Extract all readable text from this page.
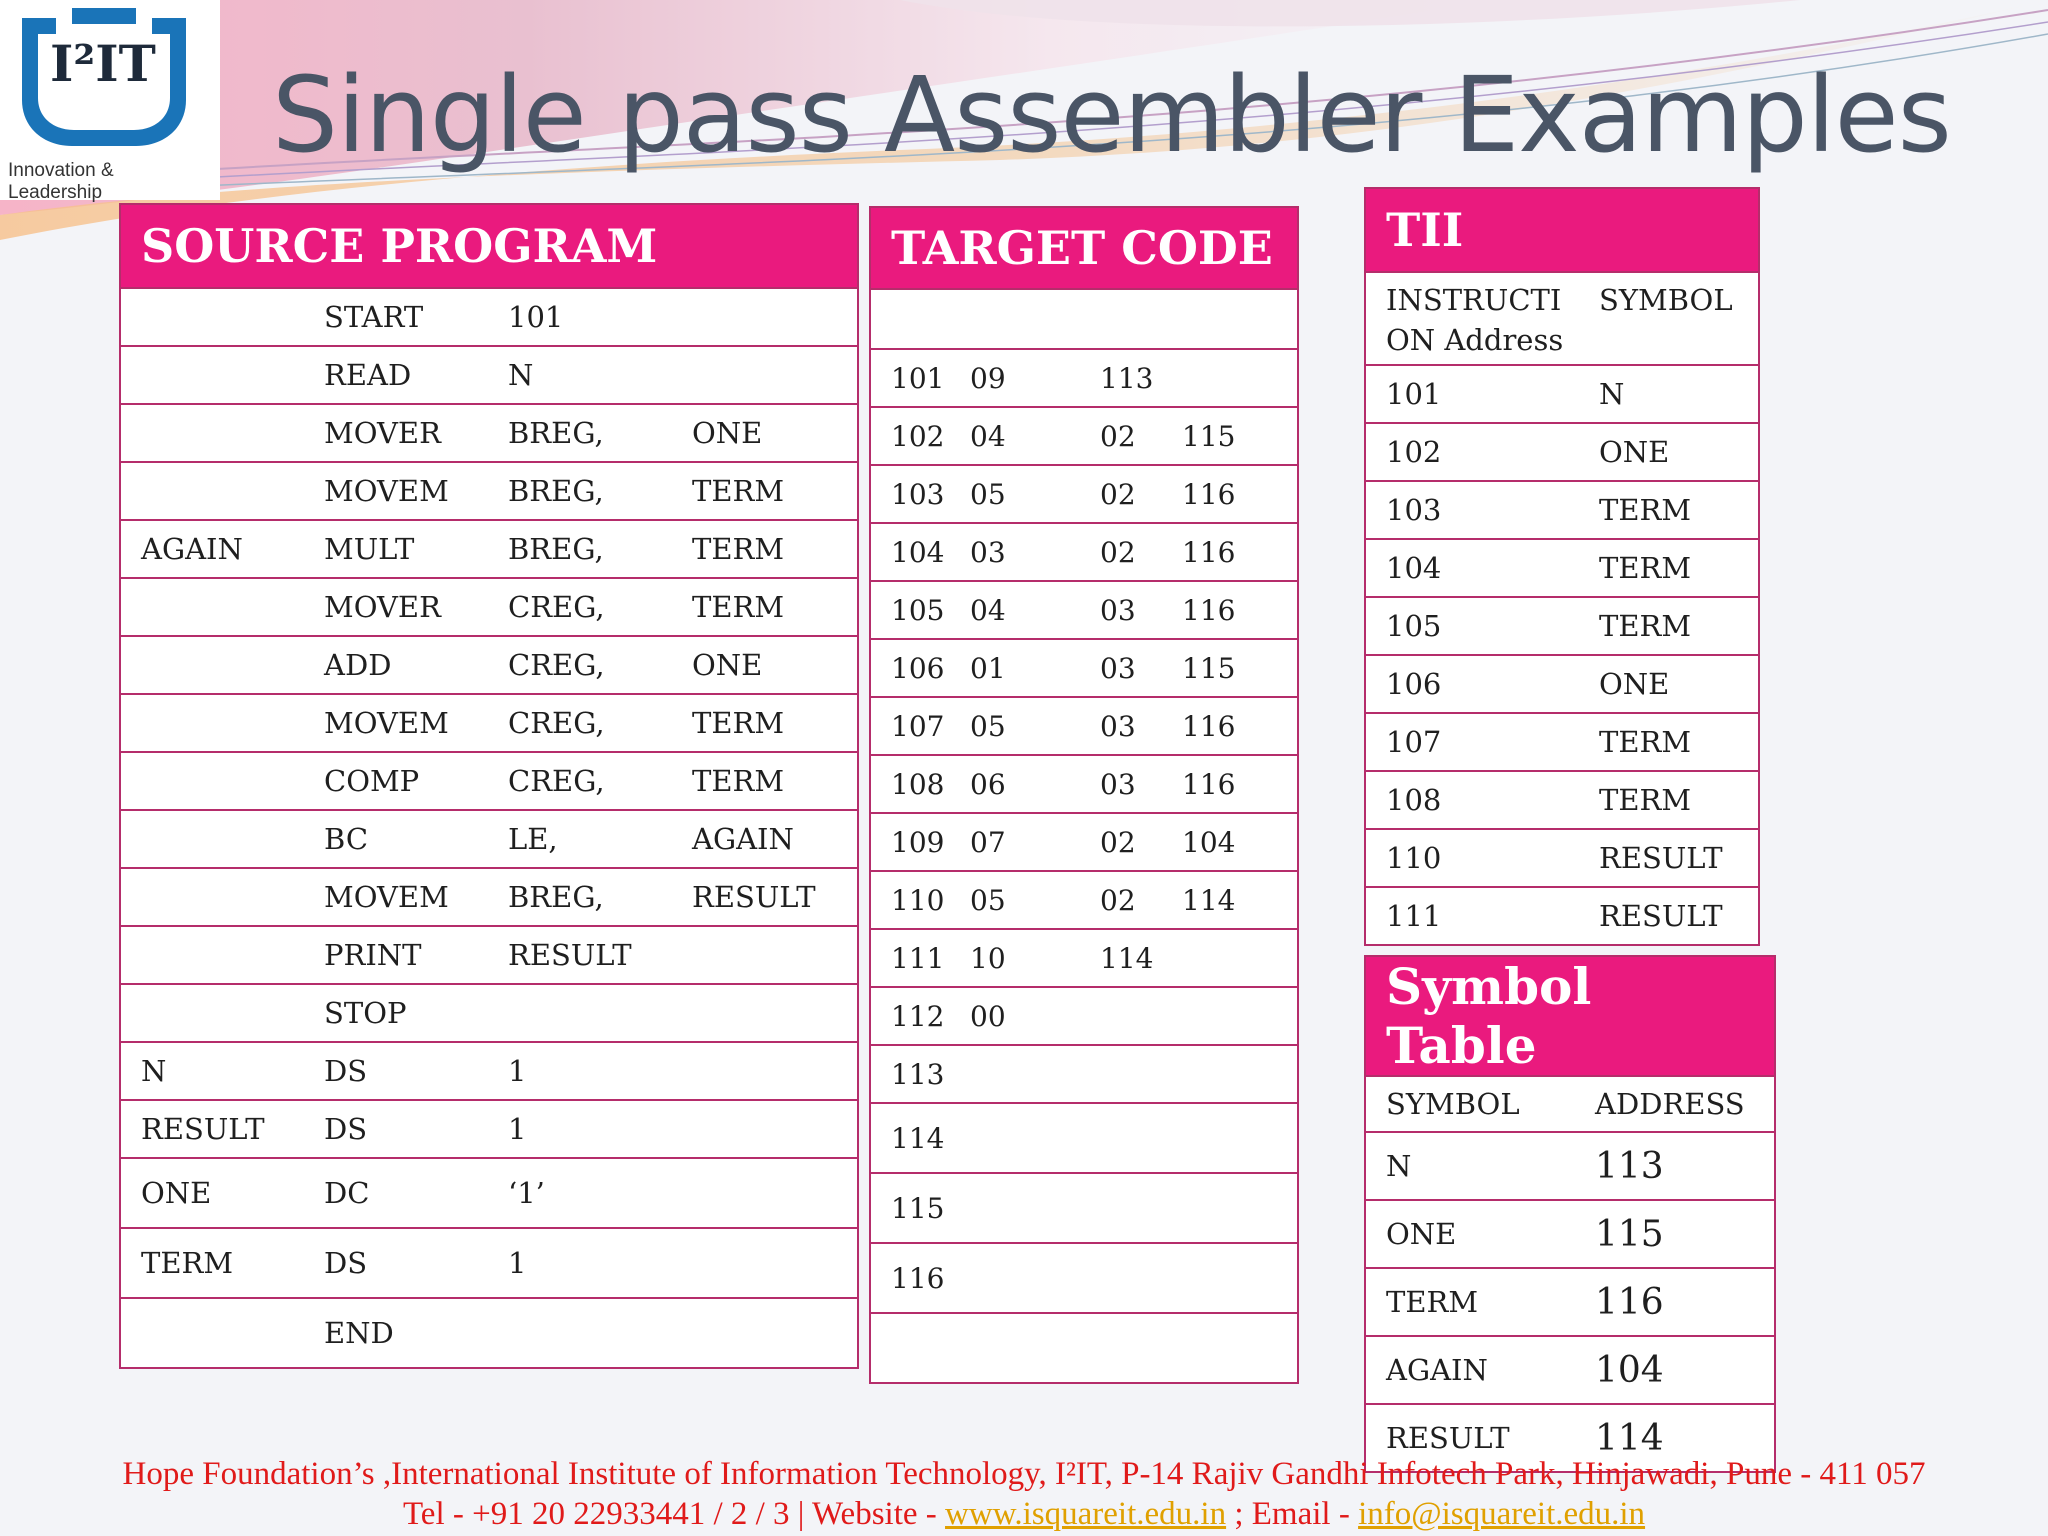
I²IT
Innovation & Leadership
Single pass Assembler Examples
SOURCE PROGRAM			
	START	101	
	READ	N	
	MOVER	BREG,	ONE
	MOVEM	BREG,	TERM
AGAIN	MULT	BREG,	TERM
	MOVER	CREG,	TERM
	ADD	CREG,	ONE
	MOVEM	CREG,	TERM
	COMP	CREG,	TERM
	BC	LE,	AGAIN
	MOVEM	BREG,	RESULT
	PRINT	RESULT	
	STOP		
N	DS	1	
RESULT	DS	1	
ONE	DC	‘1’	
TERM	DS	1	
	END		
TARGET CODE			

101	09	113	
102	04	02	115
103	05	02	116
104	03	02	116
105	04	03	116
106	01	03	115
107	05	03	116
108	06	03	116
109	07	02	104
110	05	02	114
111	10	114	
112	00		
113			
114			
115			
116			

TII	
INSTRUCTI
ON Address	SYMBOL
101	N
102	ONE
103	TERM
104	TERM
105	TERM
106	ONE
107	TERM
108	TERM
110	RESULT
111	RESULT
Symbol Table	
SYMBOL	ADDRESS
N	113
ONE	115
TERM	116
AGAIN	104
RESULT	114
Hope Foundation’s ,International Institute of Information Technology, I²IT, P-14 Rajiv Gandhi Infotech Park, Hinjawadi, Pune - 411 057
Tel - +91 20 22933441 / 2 / 3 | Website - www.isquareit.edu.in ; Email - info@isquareit.edu.in
